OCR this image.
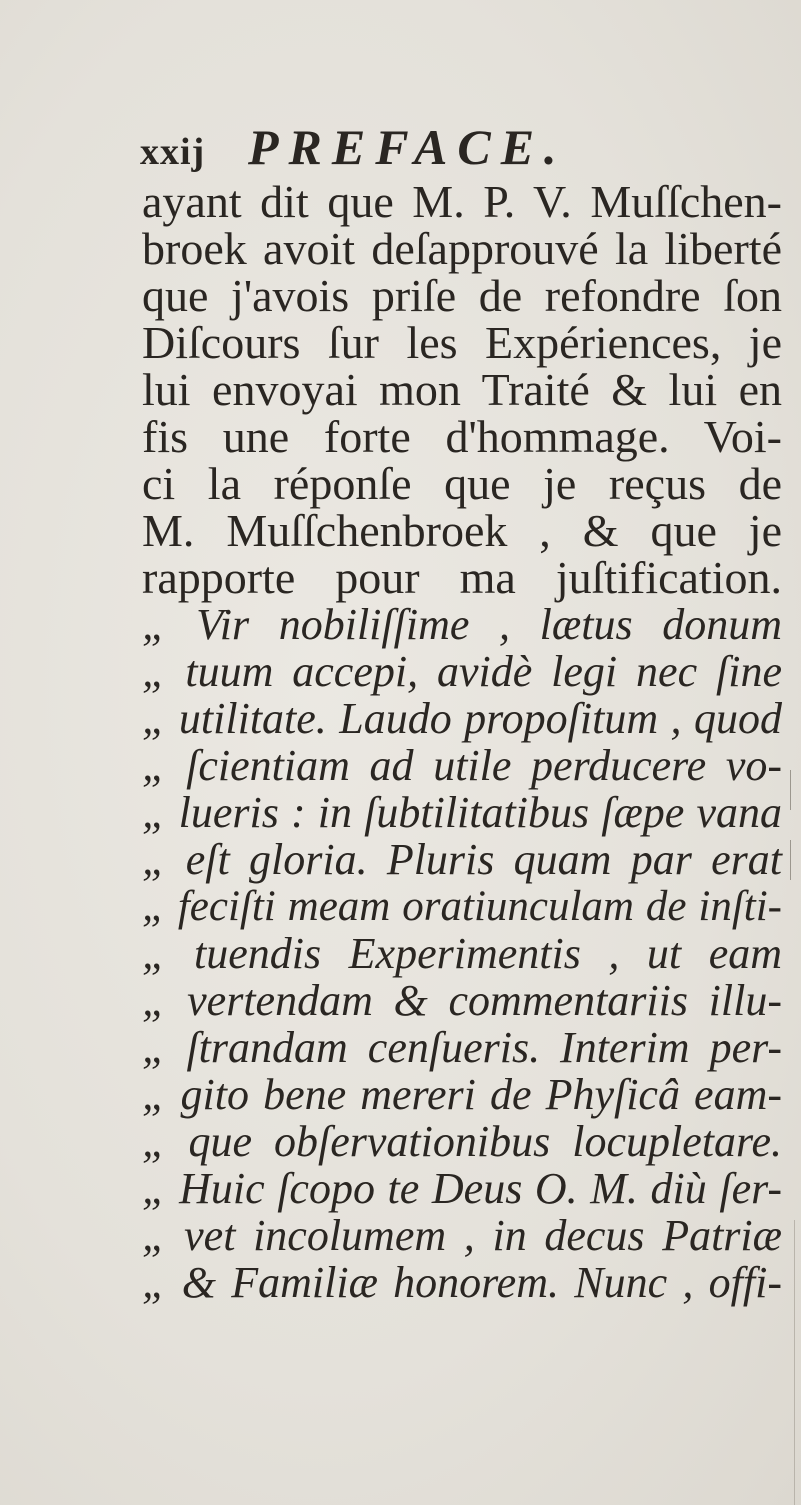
xxij PREFACE.
ayant dit que M. P. V. Muſſchen-
broek avoit deſapprouvé la liberté
que j'avois priſe de refondre ſon
Diſcours ſur les Expériences, je
lui envoyai mon Traité & lui en
fis une forte d'hommage. Voi-
ci la réponſe que je reçus de
M. Muſſchenbroek , & que je
rapporte pour ma juſtification.
„ Vir nobiliſſime , lætus donum
„ tuum accepi, avidè legi nec ſine
„ utilitate. Laudo propoſitum , quod
„ ſcientiam ad utile perducere vo-
„ lueris : in ſubtilitatibus ſæpe vana
„ eſt gloria. Pluris quam par erat
„ feciſti meam oratiunculam de inſti-
„ tuendis Experimentis , ut eam
„ vertendam & commentariis illu-
„ ſtrandam cenſueris. Interim per-
„ gito bene mereri de Phyſicâ eam-
„ que obſervationibus locupletare.
„ Huic ſcopo te Deus O. M. diù ſer-
„ vet incolumem , in decus Patriæ
„ & Familiæ honorem. Nunc , offi-
